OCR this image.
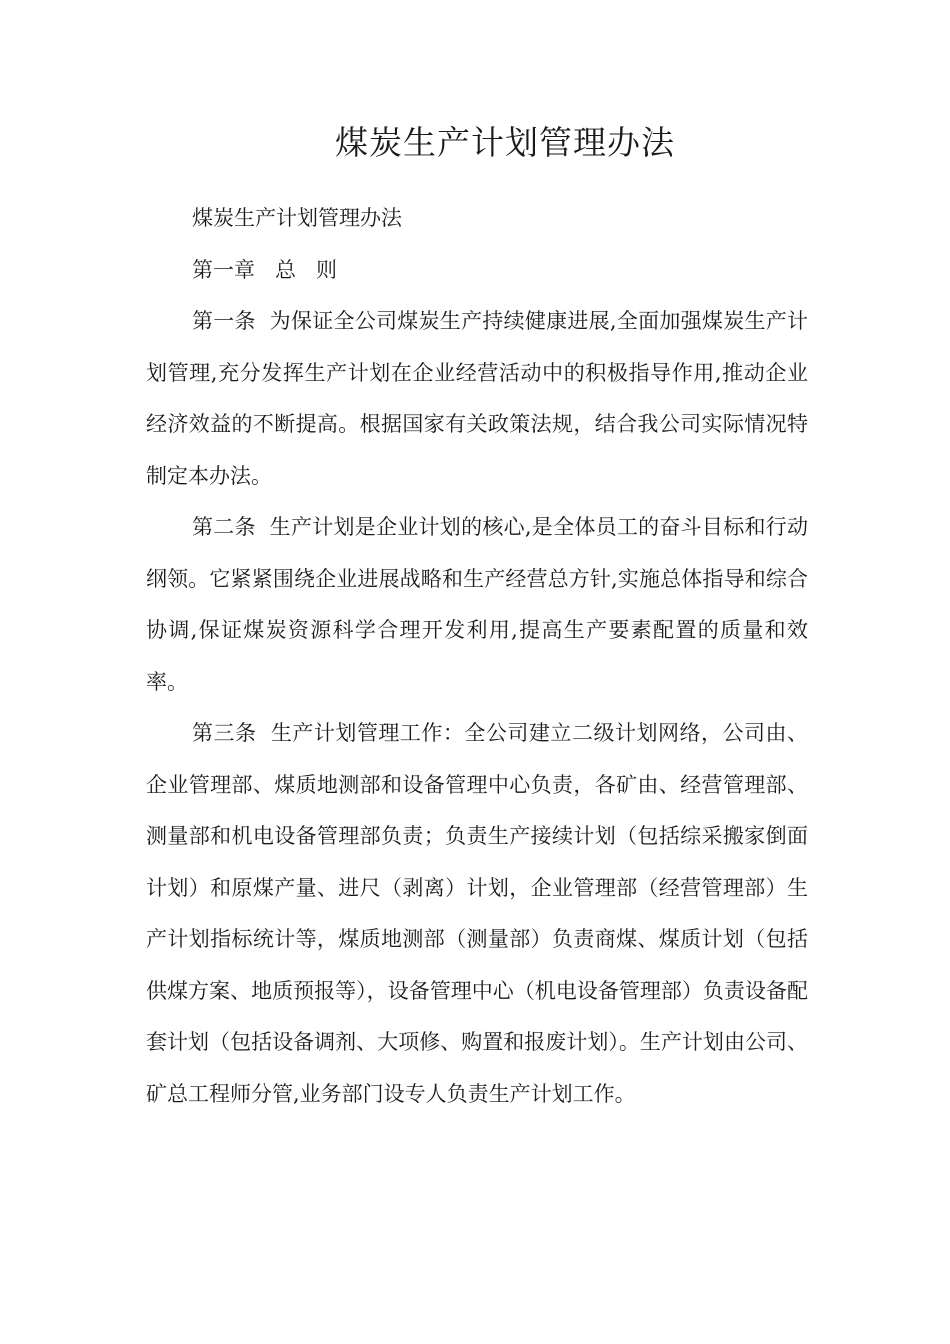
煤炭生产计划管理办法

煤炭生产计划管理办法

第一章   总   则

第一条  为保证全公司煤炭生产持续健康进展,全面加强煤炭生产计划管理,充分发挥生产计划在企业经营活动中的积极指导作用,推动企业经济效益的不断提高。根据国家有关政策法规，结合我公司实际情况特制定本办法。

第二条  生产计划是企业计划的核心,是全体员工的奋斗目标和行动纲领。它紧紧围绕企业进展战略和生产经营总方针,实施总体指导和综合协调,保证煤炭资源科学合理开发利用,提高生产要素配置的质量和效率。

第三条  生产计划管理工作：全公司建立二级计划网络，公司由、企业管理部、煤质地测部和设备管理中心负责，各矿由、经营管理部、测量部和机电设备管理部负责；负责生产接续计划（包括综采搬家倒面计划）和原煤产量、进尺（剥离）计划，企业管理部（经营管理部）生产计划指标统计等，煤质地测部（测量部）负责商煤、煤质计划（包括供煤方案、地质预报等），设备管理中心（机电设备管理部）负责设备配套计划（包括设备调剂、大项修、购置和报废计划）。生产计划由公司、矿总工程师分管,业务部门设专人负责生产计划工作。
